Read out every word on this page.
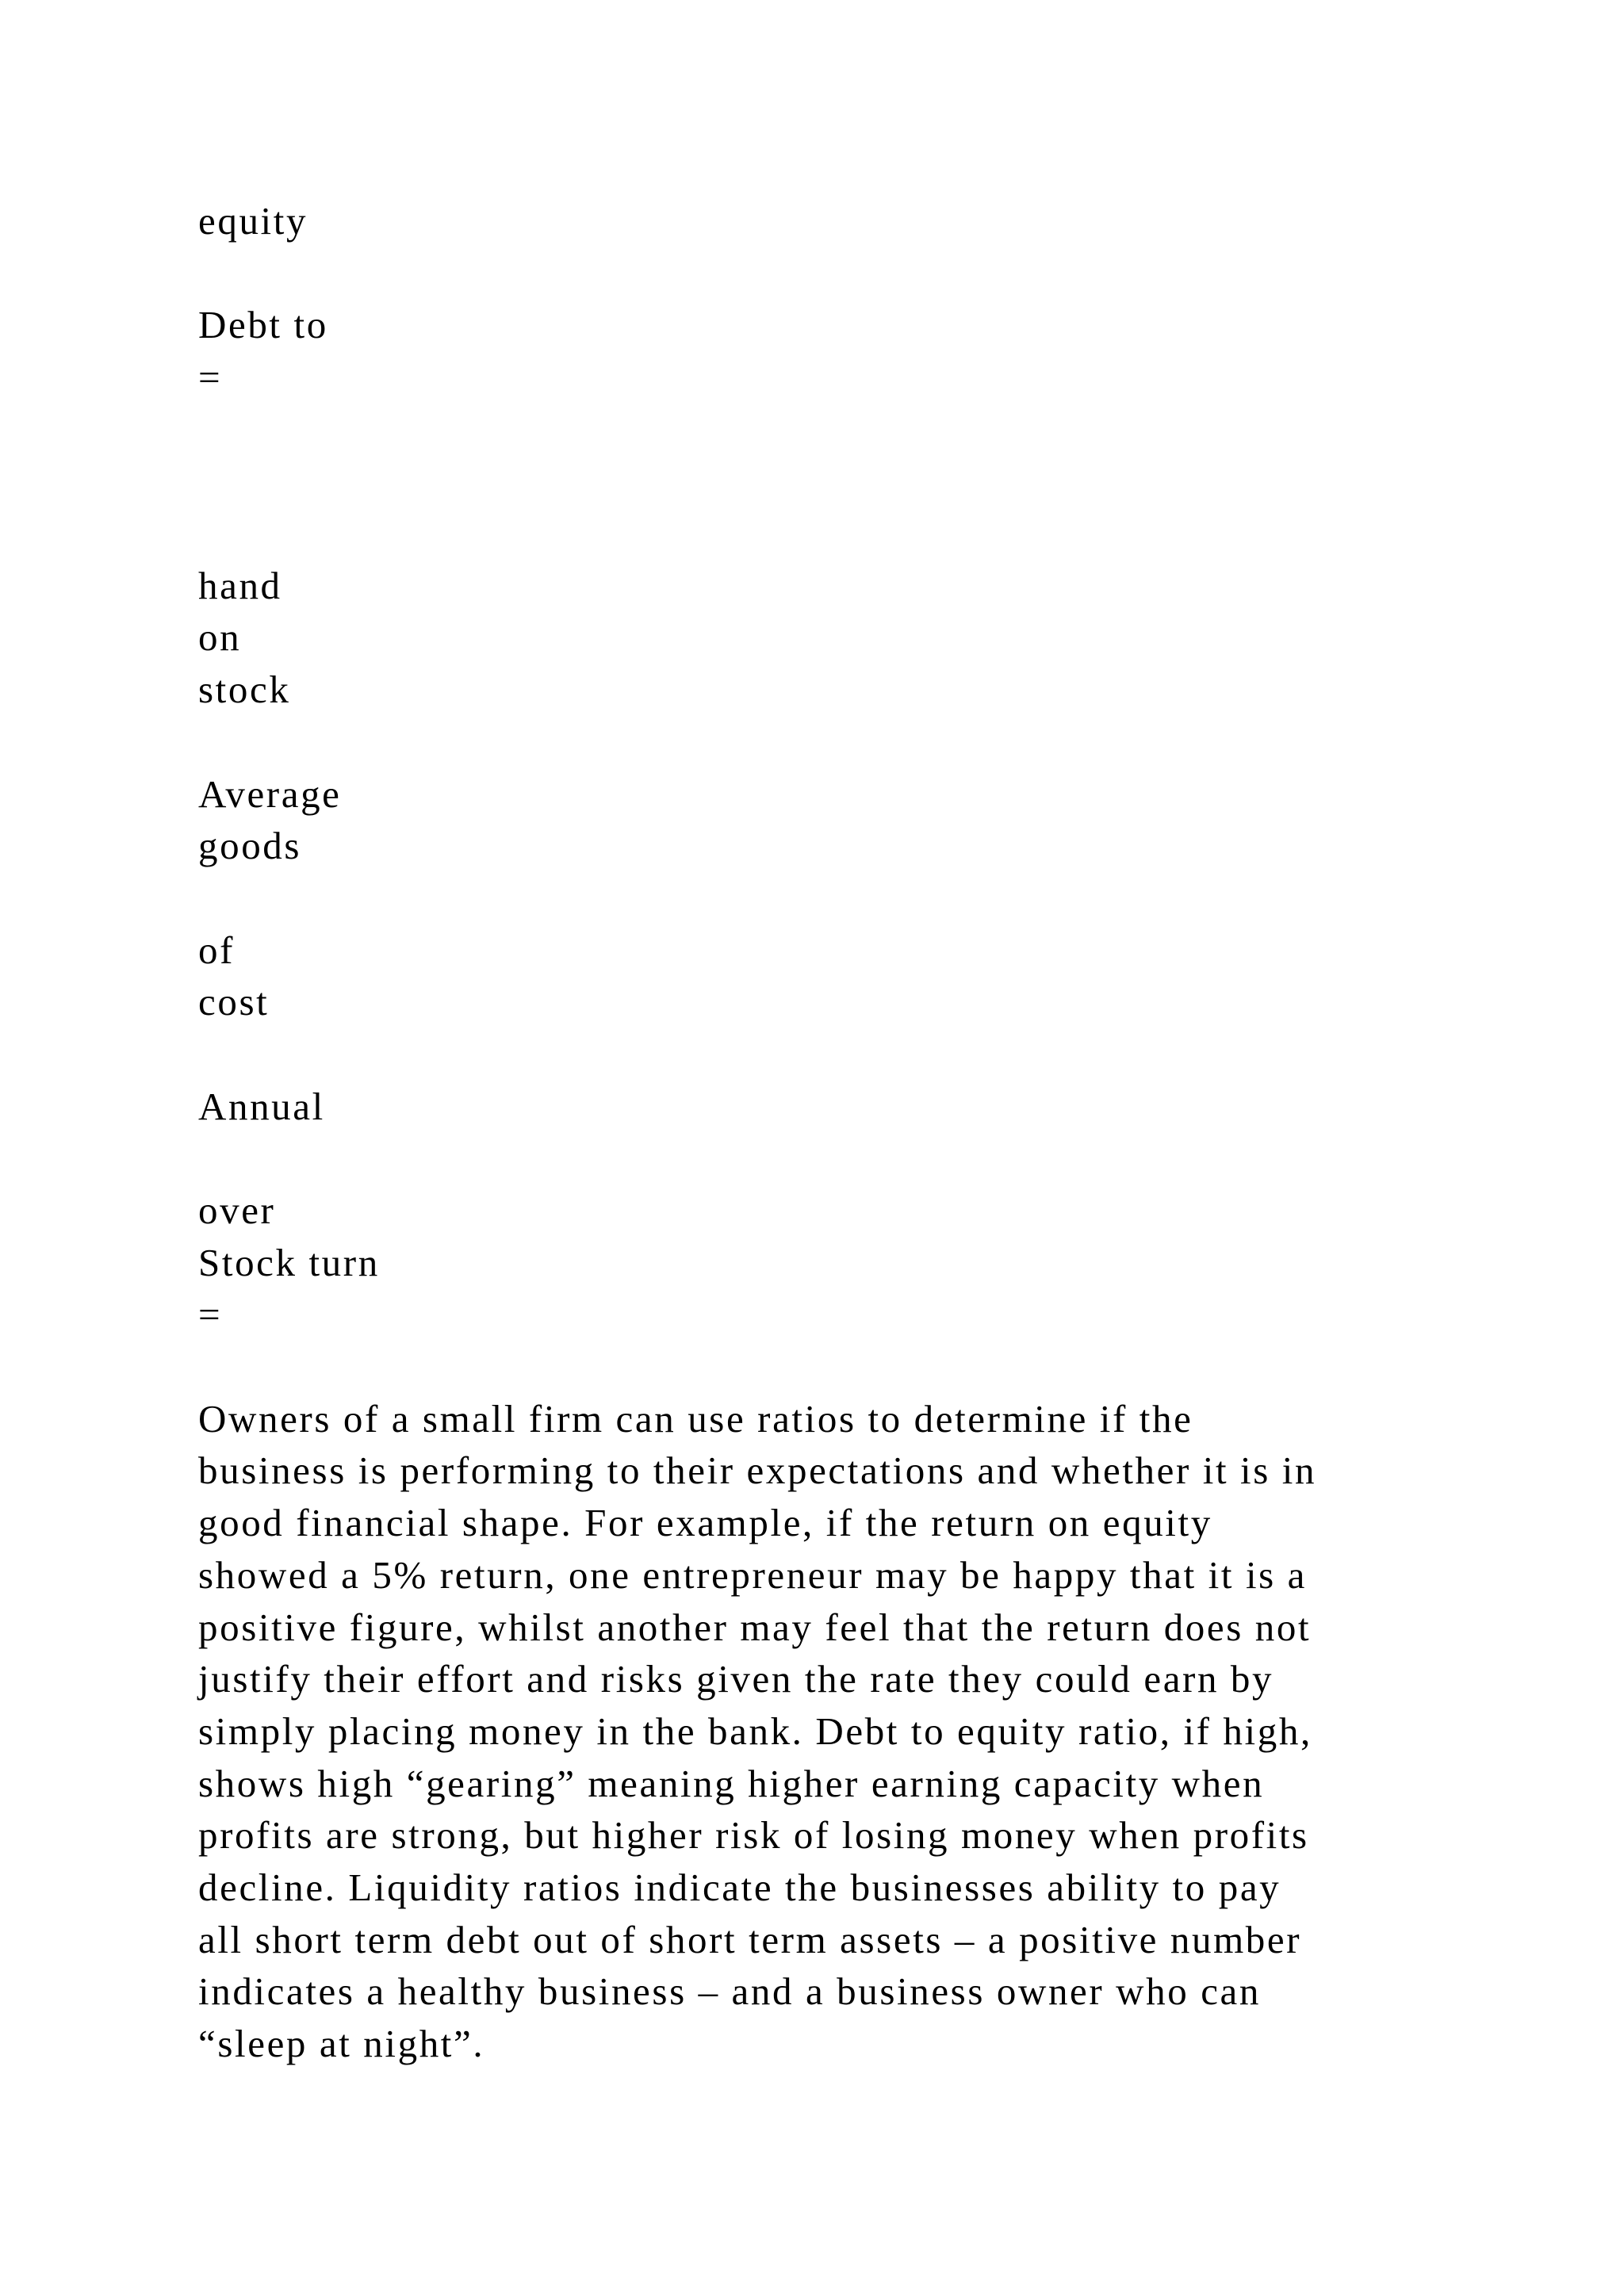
equity
Debt to
=
hand
on
stock
Average
goods
of
cost
Annual
over
Stock turn
=
Owners of a small firm can use ratios to determine if the
business is performing to their expectations and whether it is in
good financial shape. For example, if the return on equity
showed a 5% return, one entrepreneur may be happy that it is a
positive figure, whilst another may feel that the return does not
justify their effort and risks given the rate they could earn by
simply placing money in the bank. Debt to equity ratio, if high,
shows high “gearing” meaning higher earning capacity when
profits are strong, but higher risk of losing money when profits
decline. Liquidity ratios indicate the businesses ability to pay
all short term debt out of short term assets – a positive number
indicates a healthy business – and a business owner who can
“sleep at night”.
